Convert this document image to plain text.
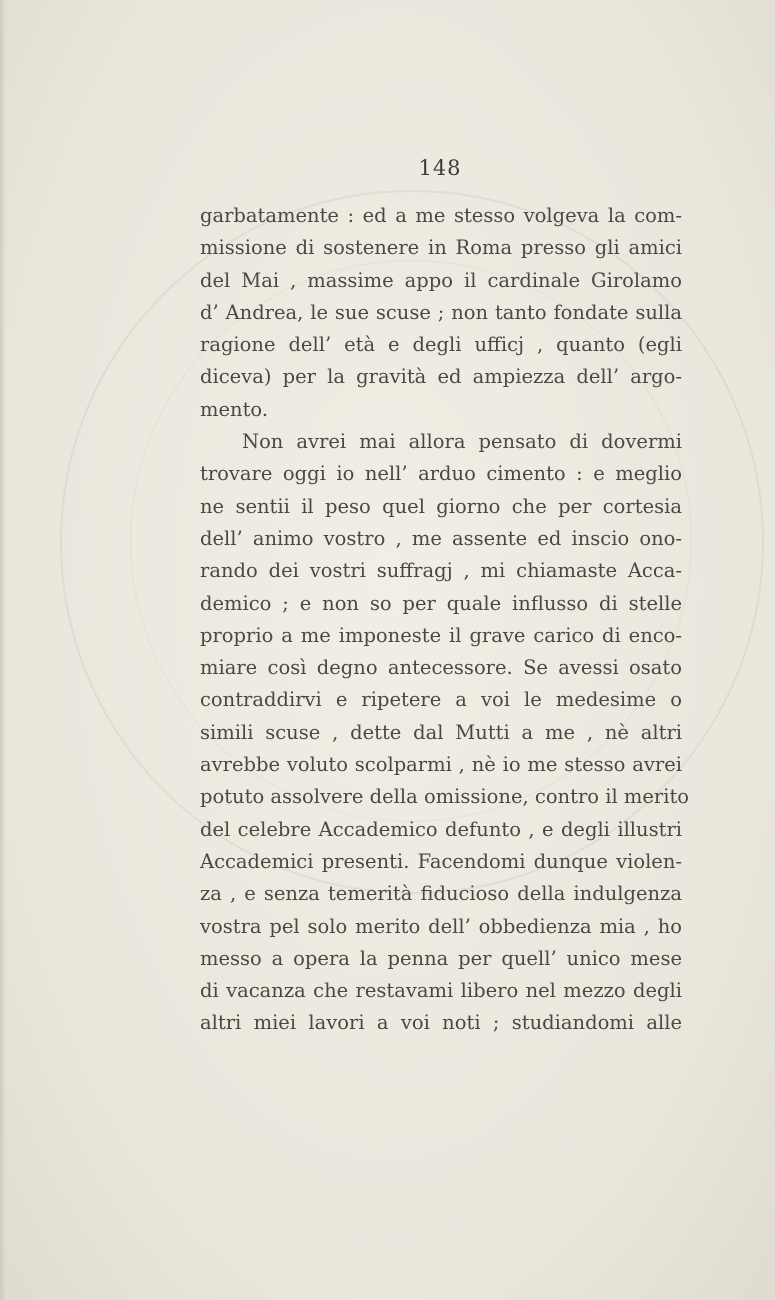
148
garbatamente : ed a me stesso volgeva la com-
missione di sostenere in Roma presso gli amici
del Mai , massime appo il cardinale Girolamo
d’ Andrea, le sue scuse ; non tanto fondate sulla
ragione dell’ età e degli ufficj , quanto (egli
diceva) per la gravità ed ampiezza dell’ argo-
mento.
Non avrei mai allora pensato di dovermi
trovare oggi io nell’ arduo cimento : e meglio
ne sentii il peso quel giorno che per cortesia
dell’ animo vostro , me assente ed inscio ono-
rando dei vostri suffragj , mi chiamaste Acca-
demico ; e non so per quale influsso di stelle
proprio a me imponeste il grave carico di enco-
miare così degno antecessore. Se avessi osato
contraddirvi e ripetere a voi le medesime o
simili scuse , dette dal Mutti a me , nè altri
avrebbe voluto scolparmi , nè io me stesso avrei
potuto assolvere della omissione, contro il merito
del celebre Accademico defunto , e degli illustri
Accademici presenti. Facendomi dunque violen-
za , e senza temerità fiducioso della indulgenza
vostra pel solo merito dell’ obbedienza mia , ho
messo a opera la penna per quell’ unico mese
di vacanza che restavami libero nel mezzo degli
altri miei lavori a voi noti ; studiandomi alle
